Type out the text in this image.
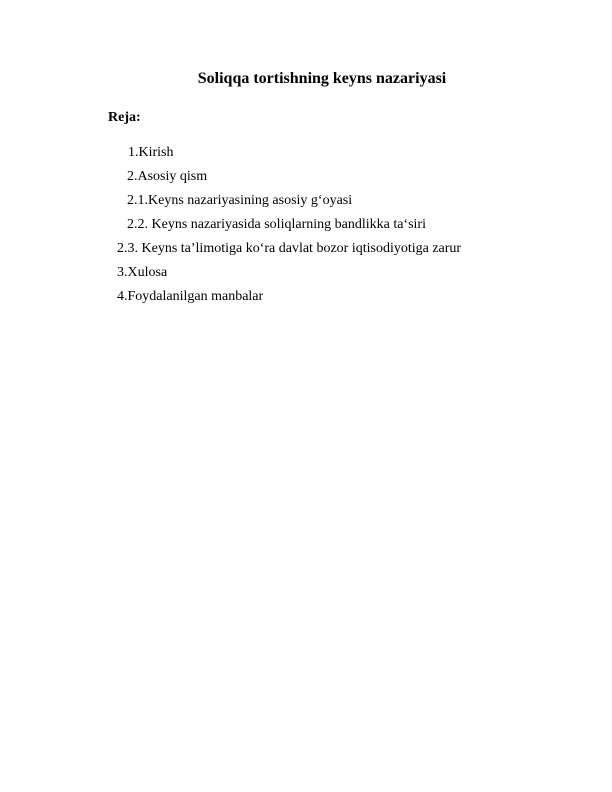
Soliqqa tortishning keyns nazariyasi
Reja:
1.Kirish
2.Asosiy qism
2.1.Keyns nazariyasining asosiy g‘oyasi
2.2. Keyns nazariyasida soliqlarning bandlikka ta‘siri
2.3. Keyns ta’limotiga ko‘ra davlat bozor iqtisodiyotiga zarur
3.Xulosa
4.Foydalanilgan manbalar
